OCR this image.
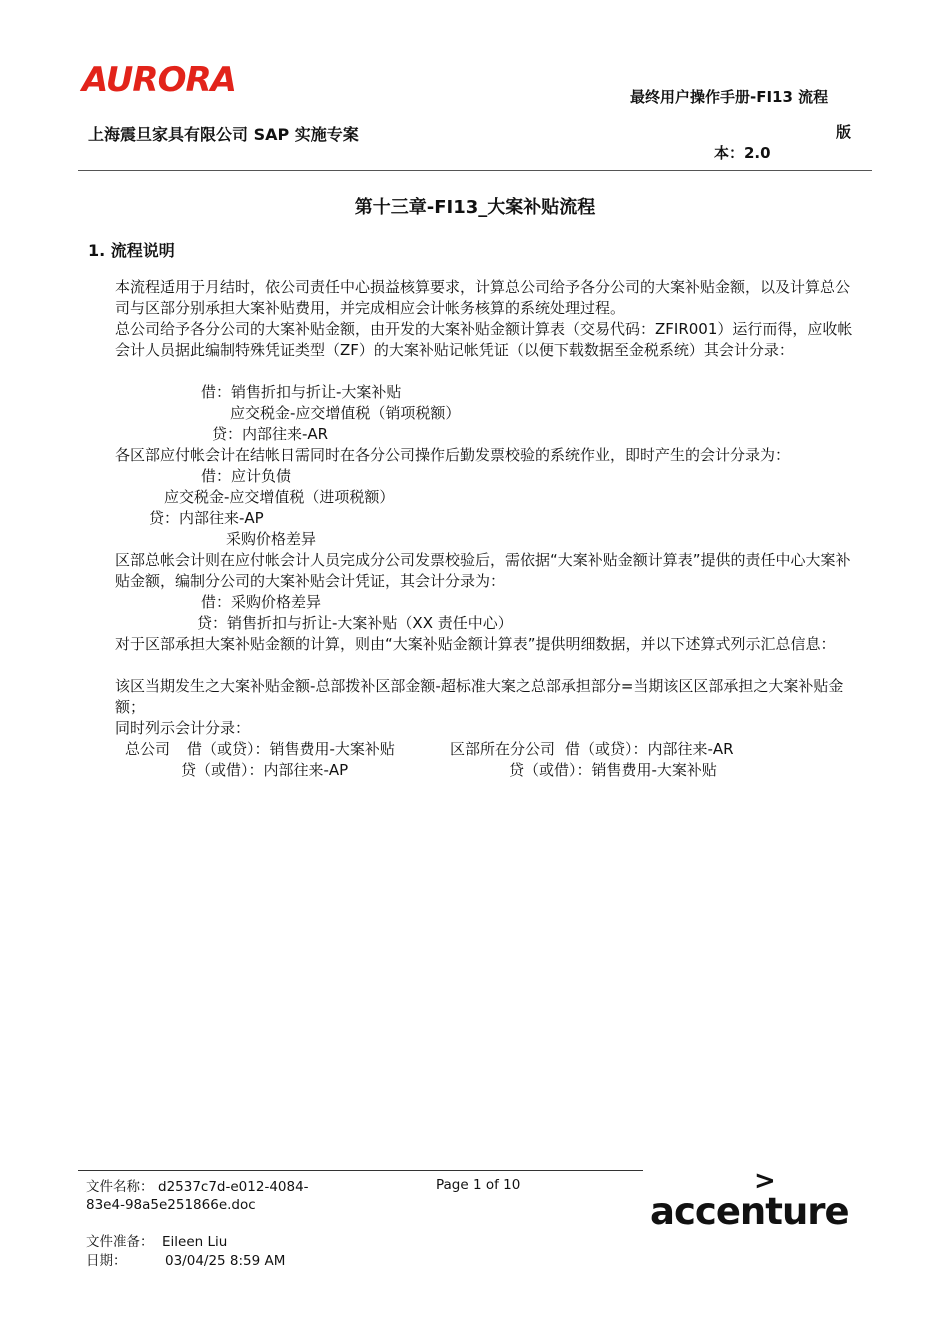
AURORA	最终用户操作手册-FI13 流程
上海震旦家具有限公司 SAP 实施专案	版
本：2.0
第十三章-FI13_大案补贴流程
1. 流程说明
本流程适用于月结时，依公司责任中心损益核算要求，计算总公司给予各分公司的大案补贴金额，以及计算总公司与区部分别承担大案补贴费用，并完成相应会计帐务核算的系统处理过程。
总公司给予各分公司的大案补贴金额，由开发的大案补贴金额计算表（交易代码：ZFIR001）运行而得，应收帐会计人员据此编制特殊凭证类型（ZF）的大案补贴记帐凭证（以便下载数据至金税系统）其会计分录：
借：销售折扣与折让-大案补贴
应交税金-应交增值税（销项税额）
贷：内部往来-AR
各区部应付帐会计在结帐日需同时在各分公司操作后勤发票校验的系统作业，即时产生的会计分录为：
借：应计负债
应交税金-应交增值税（进项税额）
贷：内部往来-AP
采购价格差异
区部总帐会计则在应付帐会计人员完成分公司发票校验后，需依据“大案补贴金额计算表”提供的责任中心大案补贴金额，编制分公司的大案补贴会计凭证，其会计分录为：
借：采购价格差异
贷：销售折扣与折让-大案补贴（XX 责任中心）
对于区部承担大案补贴金额的计算，则由“大案补贴金额计算表”提供明细数据，并以下述算式列示汇总信息：
该区当期发生之大案补贴金额-总部拨补区部金额-超标准大案之总部承担部分=当期该区区部承担之大案补贴金额；
同时列示会计分录：
总公司 借（或贷）：销售费用-大案补贴
贷（或借）：内部往来-AP
区部所在分公司 借（或贷）：内部往来-AR
贷（或借）：销售费用-大案补贴
文件名称： d2537c7d-e012-4084-
83e4-98a5e251866e.doc
Page 1 of 10
文件准备： Eileen Liu
日期：	03/04/25 8:59 AM
>
accenture
